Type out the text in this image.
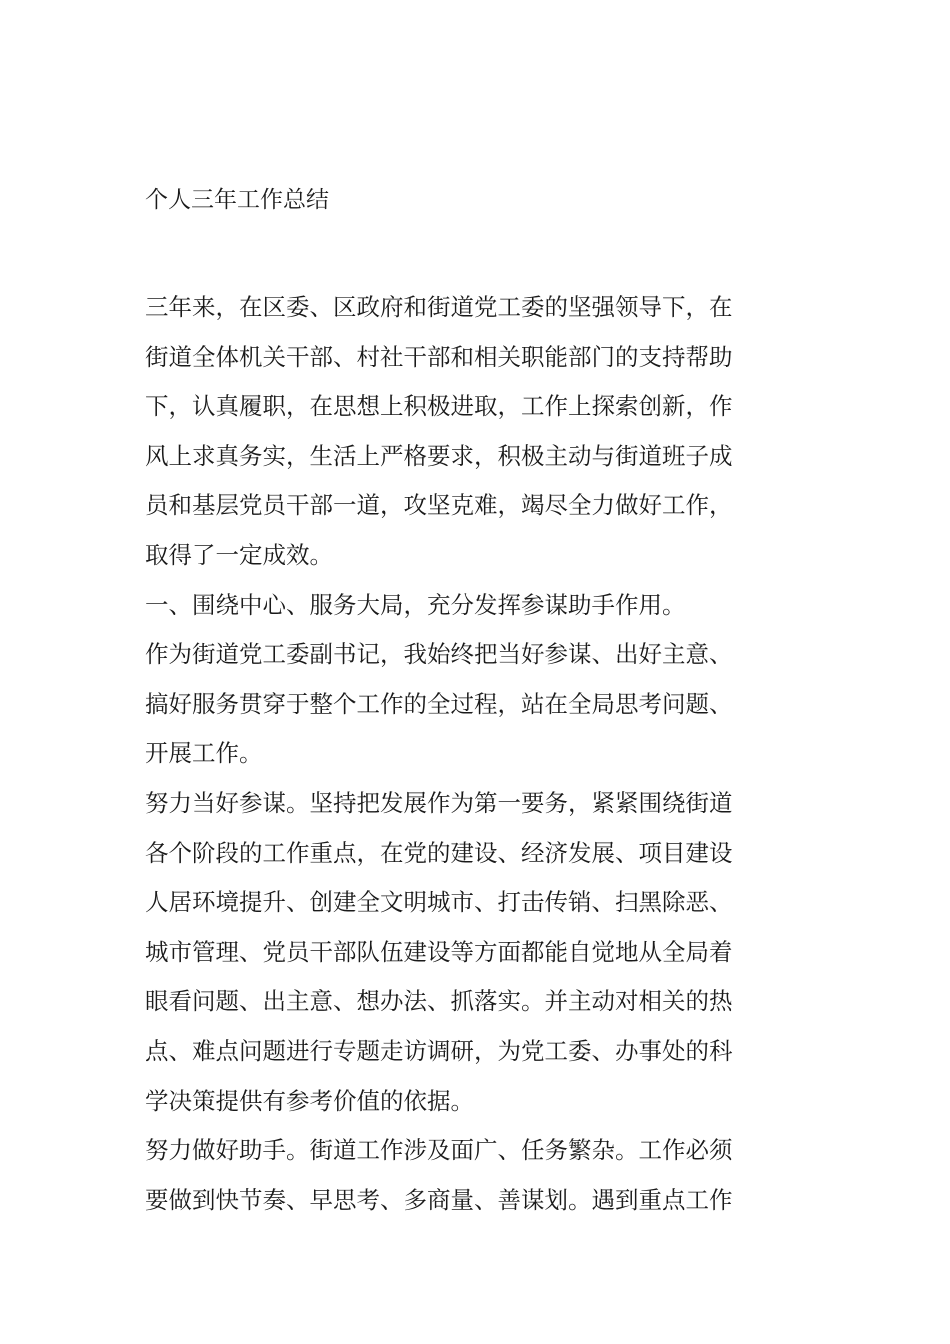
个人三年工作总结
三年来，在区委、区政府和街道党工委的坚强领导下，在
街道全体机关干部、村社干部和相关职能部门的支持帮助
下，认真履职，在思想上积极进取，工作上探索创新，作
风上求真务实，生活上严格要求，积极主动与街道班子成
员和基层党员干部一道，攻坚克难，竭尽全力做好工作，
取得了一定成效。
一、围绕中心、服务大局，充分发挥参谋助手作用。
作为街道党工委副书记，我始终把当好参谋、出好主意、
搞好服务贯穿于整个工作的全过程，站在全局思考问题、
开展工作。
努力当好参谋。坚持把发展作为第一要务，紧紧围绕街道
各个阶段的工作重点，在党的建设、经济发展、项目建设
人居环境提升、创建全文明城市、打击传销、扫黑除恶、
城市管理、党员干部队伍建设等方面都能自觉地从全局着
眼看问题、出主意、想办法、抓落实。并主动对相关的热
点、难点问题进行专题走访调研，为党工委、办事处的科
学决策提供有参考价值的依据。
努力做好助手。街道工作涉及面广、任务繁杂。工作必须
要做到快节奏、早思考、多商量、善谋划。遇到重点工作
